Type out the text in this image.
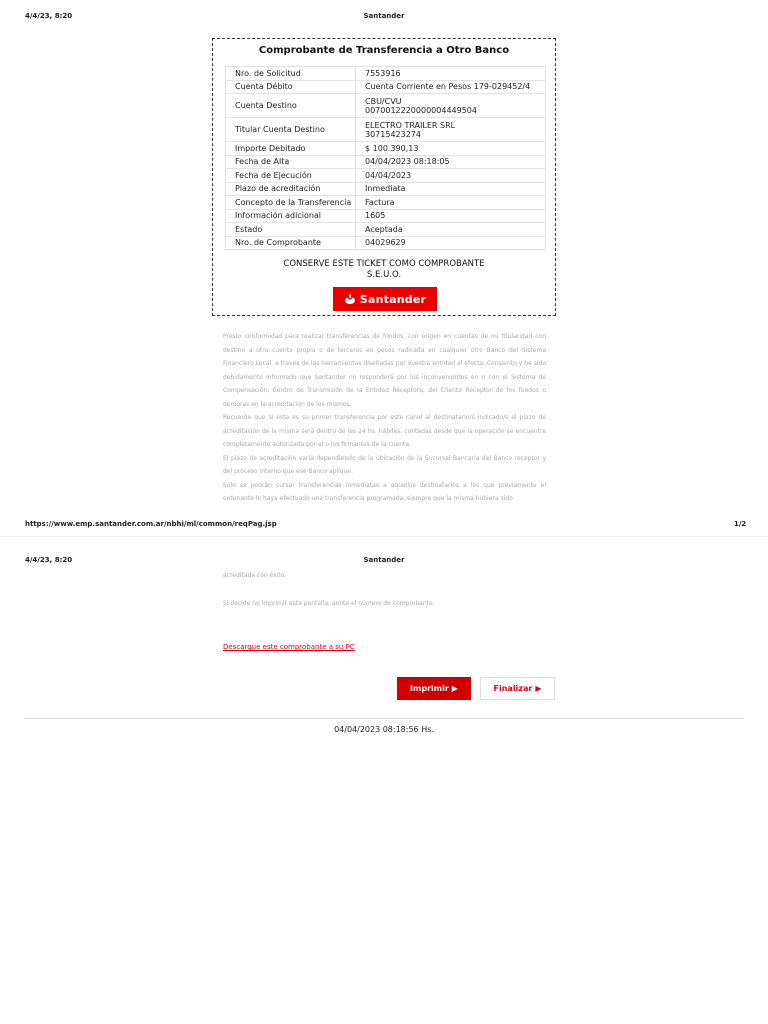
4/4/23, 8:20	Santander
Comprobante de Transferencia a Otro Banco
Nro. de Solicitud	7553916
Cuenta Débito	Cuenta Corriente en Pesos 179-029452/4
Cuenta Destino	CBU/CVU
0070012220000004449504

Titular Cuenta Destino	ELECTRO TRAILER SRL
30715423274

Importe Debitado	$ 100.390,13
Fecha de Alta	04/04/2023 08:18:05
Fecha de Ejecución	04/04/2023
Plazo de acreditación	Inmediata
Concepto de la Transferencia	Factura
Información adicional	1605
Estado	Aceptada
Nro. de Comprobante	04029629
CONSERVE ESTE TICKET COMO COMPROBANTE
S.E.U.O.
Santander

Presto conformidad para realizar transferencias de fondos, con origen en cuentas de mi titularidad con destino a otra cuenta propia o de terceros en pesos radicada en cualquier otro Banco del Sistema Financiero Local, a través de las herramientas diseñadas por vuestra entidad al efecto. Consiento y he sido debidamente informado que Santander no responderá por los inconvenientes en o con el Sistema de Compensación, Centro de Transmisión de la Entidad Receptora, del Cliente Receptor de los fondos o demoras en la acreditación de los mismos.

Recuerde que si esta es su primer transferencia por este canal al destinatario/s indicado/s el plazo de acreditación de la misma será dentro de las 24 hs. hábiles, contadas desde que la operación se encuentre completamente autorizada por el o los firmantes de la cuenta.

El plazo de acreditación varía dependiendo de la ubicación de la Sucursal Bancaria del Banco receptor y del proceso interno que ese Banco aplique.

Solo se podrán cursar transferencias inmediatas a aquellos destinatarios a los que previamente el ordenante le haya efectuado una transferencia programada, siempre que la misma hubiera sido

https://www.emp.santander.com.ar/nbhi/ml/common/reqPag.jsp	1/2
4/4/23, 8:20	Santander

acreditada con éxito.

Si decide no imprimir esta pantalla, anote el número de comprobante.

Descargue este comprobante a su PC
Imprimir ▶	Finalizar ▶
04/04/2023 08:18:56 Hs.
